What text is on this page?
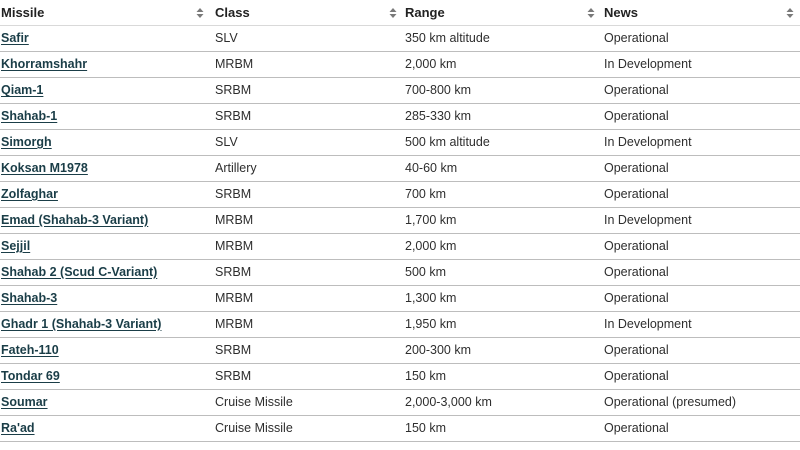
Missile	Class	Range	News
Safir	SLV	350 km altitude	Operational
Khorramshahr	MRBM	2,000 km	In Development
Qiam-1	SRBM	700-800 km	Operational
Shahab-1	SRBM	285-330 km	Operational
Simorgh	SLV	500 km altitude	In Development
Koksan M1978	Artillery	40-60 km	Operational
Zolfaghar	SRBM	700 km	Operational
Emad (Shahab-3 Variant)	MRBM	1,700 km	In Development
Sejjil	MRBM	2,000 km	Operational
Shahab 2 (Scud C-Variant)	SRBM	500 km	Operational
Shahab-3	MRBM	1,300 km	Operational
Ghadr 1 (Shahab-3 Variant)	MRBM	1,950 km	In Development
Fateh-110	SRBM	200-300 km	Operational
Tondar 69	SRBM	150 km	Operational
Soumar	Cruise Missile	2,000-3,000 km	Operational (presumed)
Ra'ad	Cruise Missile	150 km	Operational
